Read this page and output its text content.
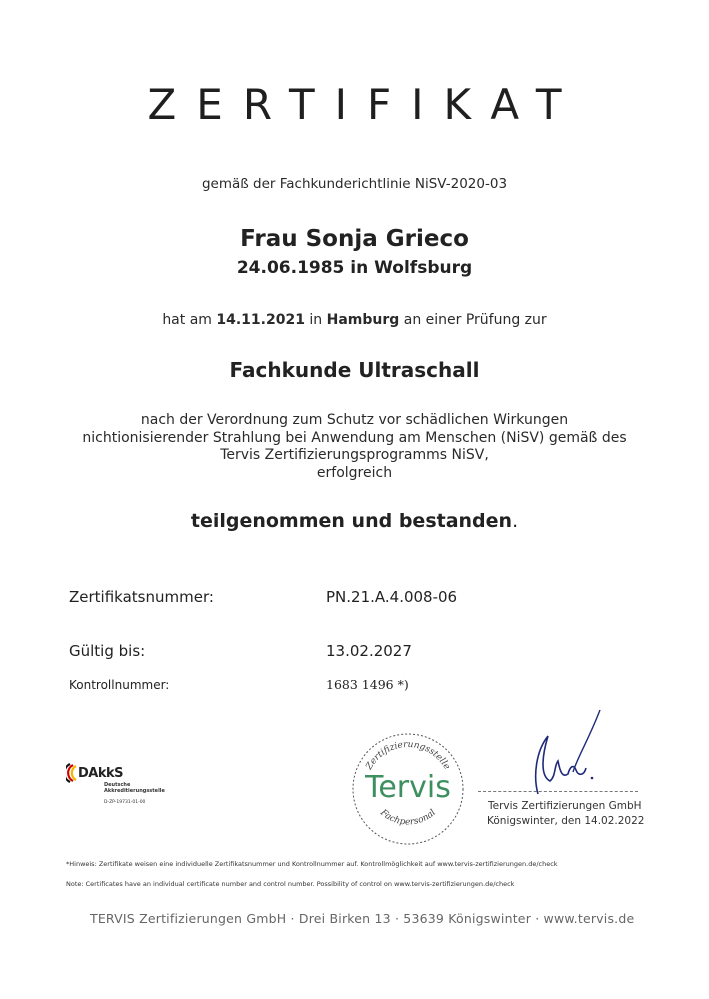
ZERTIFIKAT
gemäß der Fachkunderichtlinie NiSV-2020-03
Frau Sonja Grieco
24.06.1985 in Wolfsburg
hat am 14.11.2021 in Hamburg an einer Prüfung zur
Fachkunde Ultraschall
nach der Verordnung zum Schutz vor schädlichen Wirkungen
nichtionisierender Strahlung bei Anwendung am Menschen (NiSV) gemäß des
Tervis Zertifizierungsprogramms NiSV,
erfolgreich
teilgenommen und bestanden.
Zertifikatsnummer:	PN.21.A.4.008-06
Gültig bis:	13.02.2027
Kontrollnummer:	1683 1496 *)
DAkkS
Deutsche
Akkreditierungsstelle
D-ZP-19731-01-00
Zertifizierungsstelle
Tervis
Fachpersonal
Tervis Zertifizierungen GmbH
Königswinter, den 14.02.2022
*Hinweis: Zertifikate weisen eine individuelle Zertifikatsnummer und Kontrollnummer auf. Kontrollmöglichkeit auf www.tervis-zertifizierungen.de/check
Note: Certificates have an individual certificate number and control number. Possibility of control on www.tervis-zertifizierungen.de/check
TERVIS Zertifizierungen GmbH · Drei Birken 13 · 53639 Königswinter · www.tervis.de
